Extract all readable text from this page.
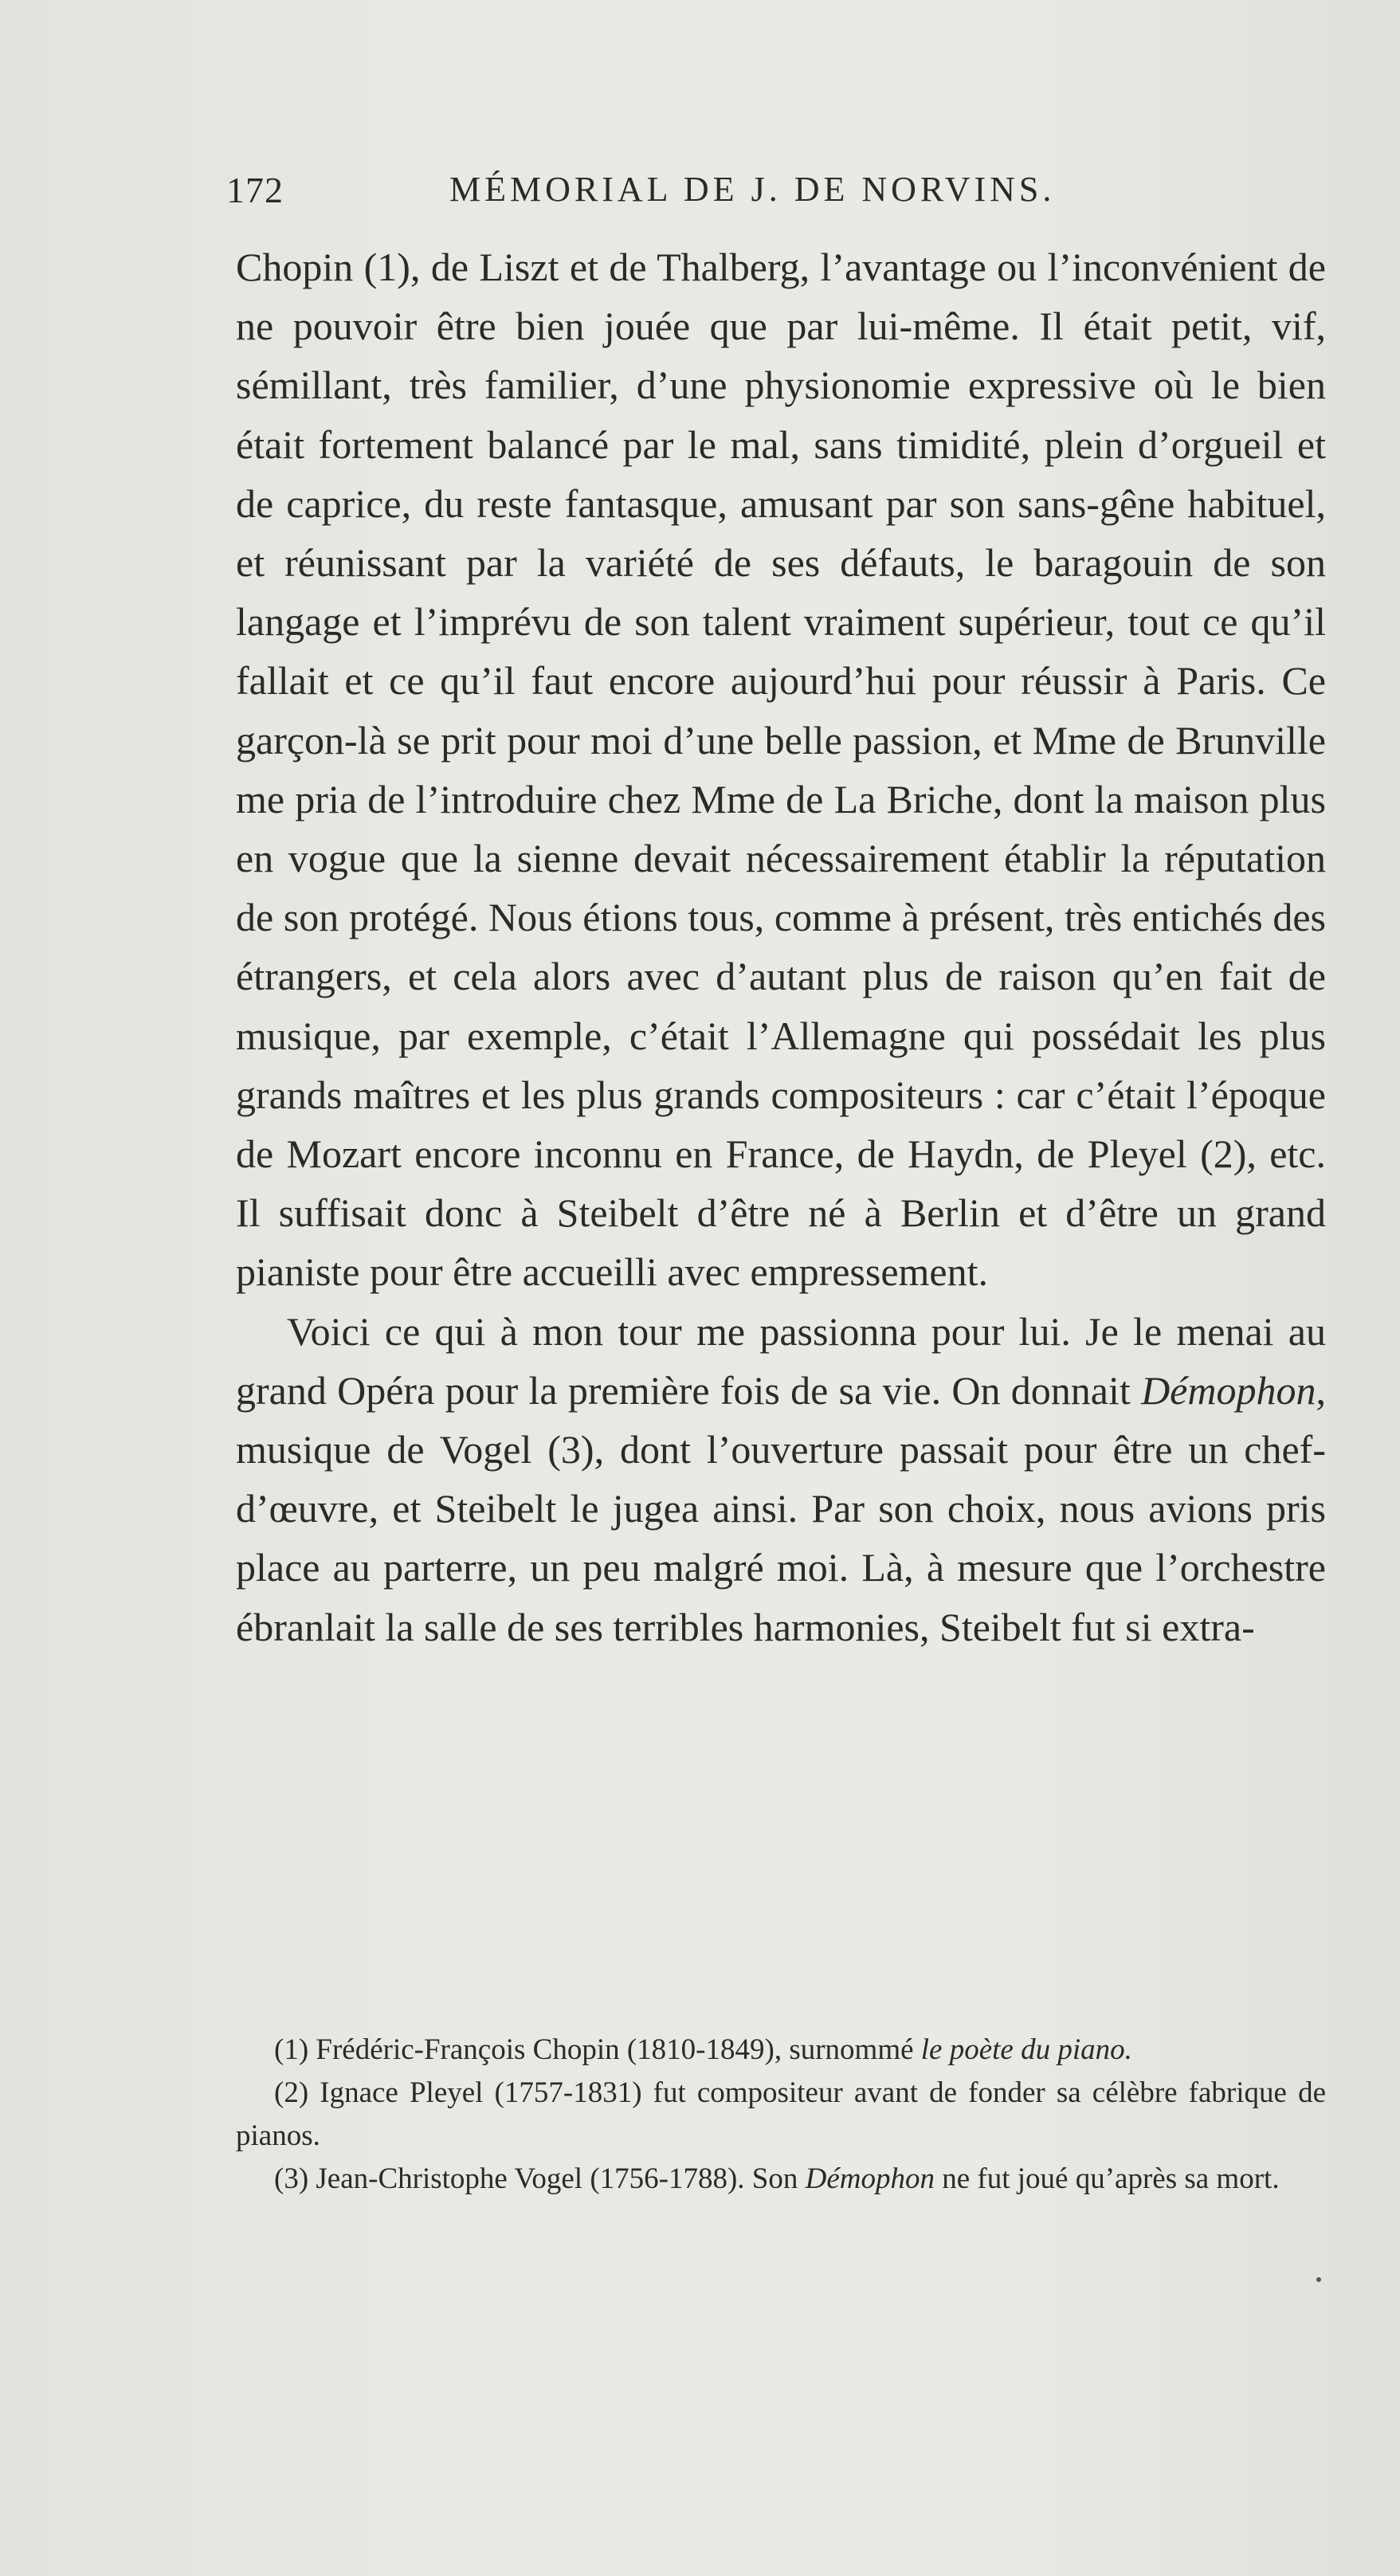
172	MÉMORIAL DE J. DE NORVINS.

Chopin (1), de Liszt et de Thalberg, l’avantage ou l’inconvénient de ne pouvoir être bien jouée que par lui-même. Il était petit, vif, sémillant, très familier, d’une physionomie expressive où le bien était fortement balancé par le mal, sans timidité, plein d’orgueil et de caprice, du reste fantasque, amusant par son sans-gêne habituel, et réunissant par la variété de ses défauts, le baragouin de son langage et l’imprévu de son talent vraiment supérieur, tout ce qu’il fallait et ce qu’il faut encore aujourd’hui pour réussir à Paris. Ce garçon-là se prit pour moi d’une belle passion, et Mme de Brunville me pria de l’introduire chez Mme de La Briche, dont la maison plus en vogue que la sienne devait nécessairement établir la réputation de son protégé. Nous étions tous, comme à présent, très entichés des étrangers, et cela alors avec d’autant plus de raison qu’en fait de musique, par exemple, c’était l’Allemagne qui possédait les plus grands maîtres et les plus grands compositeurs : car c’était l’époque de Mozart encore inconnu en France, de Haydn, de Pleyel (2), etc. Il suffisait donc à Steibelt d’être né à Berlin et d’être un grand pianiste pour être accueilli avec empressement.

Voici ce qui à mon tour me passionna pour lui. Je le menai au grand Opéra pour la première fois de sa vie. On donnait Démophon, musique de Vogel (3), dont l’ouverture passait pour être un chef-d’œuvre, et Steibelt le jugea ainsi. Par son choix, nous avions pris place au parterre, un peu malgré moi. Là, à mesure que l’orchestre ébranlait la salle de ses terribles harmonies, Steibelt fut si extra-

(1) Frédéric-François Chopin (1810-1849), surnommé le poète du piano.

(2) Ignace Pleyel (1757-1831) fut compositeur avant de fonder sa célèbre fabrique de pianos.

(3) Jean-Christophe Vogel (1756-1788). Son Démophon ne fut joué qu’après sa mort.
